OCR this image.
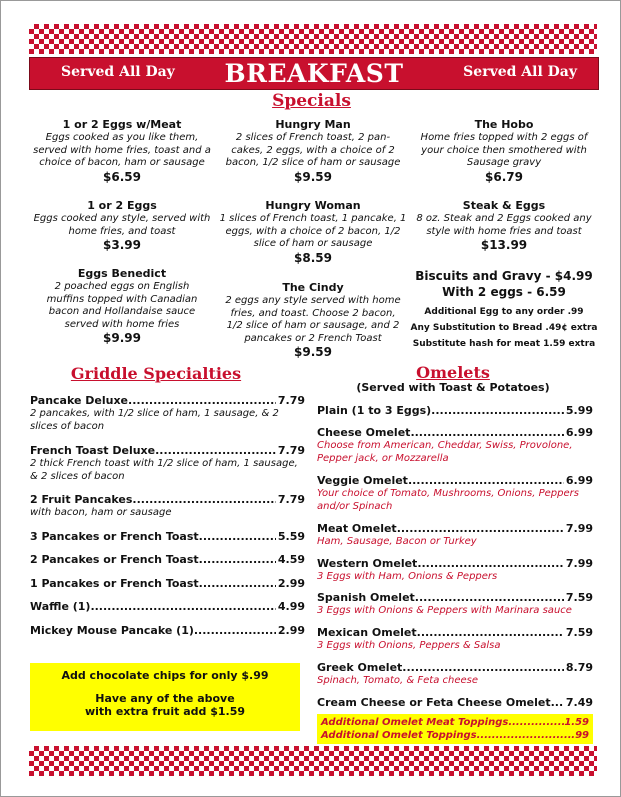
Served All Day	BREAKFAST	Served All Day
Specials
1 or 2 Eggs w/Meat
Eggs cooked as you like them, served with home fries, toast and a choice of bacon, ham or sausage
$6.59
Hungry Man
2 slices of French toast, 2 pan-cakes, 2 eggs, with a choice of 2 bacon, 1/2 slice of ham or sausage
$9.59
The Hobo
Home fries topped with 2 eggs of your choice then smothered with Sausage gravy
$6.79
1 or 2 Eggs
Eggs cooked any style, served with home fries, and toast
$3.99
Hungry Woman
1 slices of French toast, 1 pancake, 1 eggs, with a choice of 2 bacon, 1/2 slice of ham or sausage
$8.59
Steak & Eggs
8 oz. Steak and 2 Eggs cooked any style with home fries and toast
$13.99
Eggs Benedict
2 poached eggs on English muffins topped with Canadian bacon and Hollandaise sauce served with home fries
$9.99
The Cindy
2 eggs any style served with home fries, and toast. Choose 2 bacon, 1/2 slice of ham or sausage, and 2 pancakes or 2 French Toast
$9.59
Biscuits and Gravy - $4.99
With 2 eggs - 6.59
Additional Egg to any order .99
Any Substitution to Bread .49¢ extra
Substitute hash for meat 1.59 extra
Griddle Specialties
Pancake Deluxe .....	7.79
2 pancakes, with 1/2 slice of ham, 1 sausage, & 2 slices of bacon
French Toast Deluxe .....	7.79
2 thick French toast with 1/2 slice of ham, 1 sausage, & 2 slices of bacon
2 Fruit Pancakes .....	7.79
with bacon, ham or sausage
3 Pancakes or French Toast .....	5.59
2 Pancakes or French Toast .....	4.59
1 Pancakes or French Toast .....	2.99
Waffle (1) .....	4.99
Mickey Mouse Pancake (1) .....	2.99

Add chocolate chips for only $.99

Have any of the above

with extra fruit add $1.59

Omelets
(Served with Toast & Potatoes)
Plain (1 to 3 Eggs) .....	5.99
Cheese Omelet .....	6.99
Choose from American, Cheddar, Swiss, Provolone, Pepper jack, or Mozzarella
Veggie Omelet .....	6.99
Your choice of Tomato, Mushrooms, Onions, Peppers and/or Spinach
Meat Omelet .....	7.99
Ham, Sausage, Bacon or Turkey
Western Omelet .....	7.99
3 Eggs with Ham, Onions & Peppers
Spanish Omelet .....	7.59
3 Eggs with Onions & Peppers with Marinara sauce
Mexican Omelet .....	7.59
3 Eggs with Onions, Peppers & Salsa
Greek Omelet .....	8.79
Spinach, Tomato, & Feta cheese
Cream Cheese or Feta Cheese Omelet ..... 7.49
Additional Omelet Meat Toppings .....	1.59
Additional Omelet Toppings .....	.99
